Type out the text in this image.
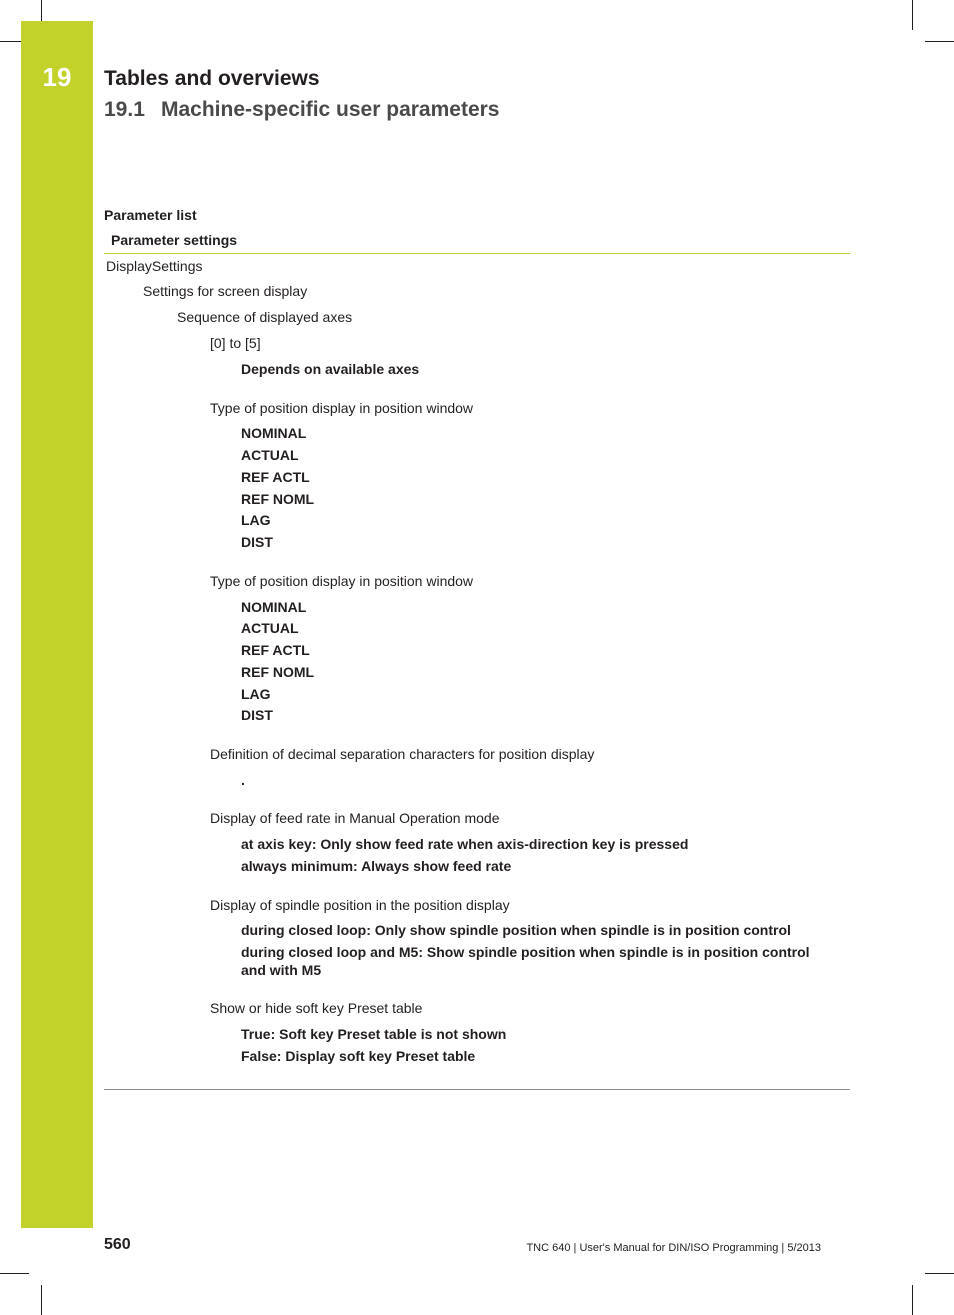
19	Tables and overviews
19.1 Machine-specific user parameters
Parameter list
Parameter settings
DisplaySettings
Settings for screen display
Sequence of displayed axes
[0] to [5]
Depends on available axes
Type of position display in position window
NOMINAL
ACTUAL
REF ACTL
REF NOML
LAG
DIST
Type of position display in position window
NOMINAL
ACTUAL
REF ACTL
REF NOML
LAG
DIST
Definition of decimal separation characters for position display
.
Display of feed rate in Manual Operation mode
at axis key: Only show feed rate when axis-direction key is pressed
always minimum: Always show feed rate
Display of spindle position in the position display
during closed loop: Only show spindle position when spindle is in position control
during closed loop and M5: Show spindle position when spindle is in position control and with M5
Show or hide soft key Preset table
True: Soft key Preset table is not shown
False: Display soft key Preset table
560	TNC 640 | User's Manual for DIN/ISO Programming | 5/2013
